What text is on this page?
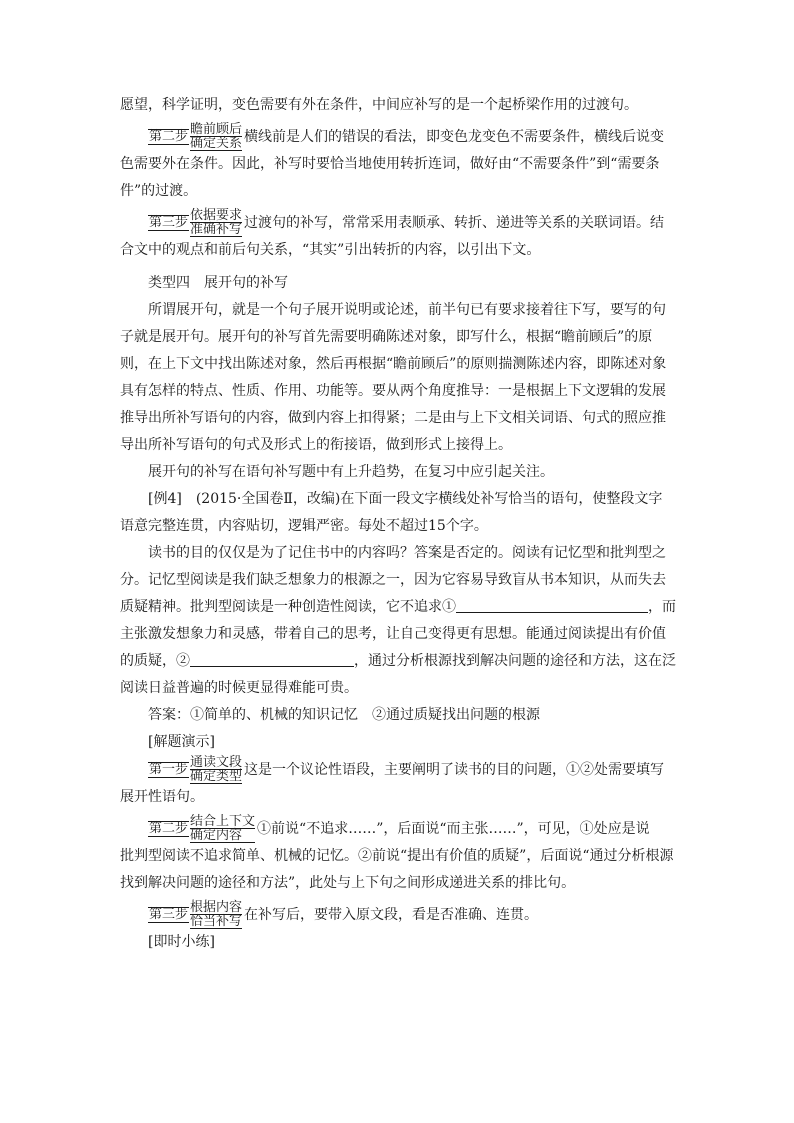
愿望，科学证明，变色需要有外在条件，中间应补写的是一个起桥梁作用的过渡句。

第二步 瞻前顾后
确定关系 横线前是人们的错误的看法，即变色龙变色不需要条件，横线后说变

色需要外在条件。因此，补写时要恰当地使用转折连词，做好由“不需要条件”到“需要条件”的过渡。

第三步 依据要求
准确补写 过渡句的补写，常常采用表顺承、转折、递进等关系的关联词语。结

合文中的观点和前后句关系，“其实”引出转折的内容，以引出下文。

类型四　展开句的补写

所谓展开句，就是一个句子展开说明或论述，前半句已有要求接着往下写，要写的句子就是展开句。展开句的补写首先需要明确陈述对象，即写什么，根据“瞻前顾后”的原则，在上下文中找出陈述对象，然后再根据“瞻前顾后”的原则揣测陈述内容，即陈述对象具有怎样的特点、性质、作用、功能等。要从两个角度推导：一是根据上下文逻辑的发展推导出所补写语句的内容，做到内容上扣得紧；二是由与上下文相关词语、句式的照应推导出所补写语句的句式及形式上的衔接语，做到形式上接得上。

展开句的补写在语句补写题中有上升趋势，在复习中应引起关注。

[例4]　(2015·全国卷Ⅱ，改编)在下面一段文字横线处补写恰当的语句，使整段文字语意完整连贯，内容贴切，逻辑严密。每处不超过15个字。

读书的目的仅仅是为了记住书中的内容吗？答案是否定的。阅读有记忆型和批判型之分。记忆型阅读是我们缺乏想象力的根源之一，因为它容易导致盲从书本知识，从而失去质疑精神。批判型阅读是一种创造性阅读，它不追求①	，而主张激发想象力和灵感，带着自己的思考，让自己变得更有思想。能通过阅读提出有价值的质疑，②	，通过分析根源找到解决问题的途径和方法，这在泛阅读日益普遍的时候更显得难能可贵。

答案：①简单的、机械的知识记忆　②通过质疑找出问题的根源

[解题演示]

第一步 通读文段
确定类型 这是一个议论性语段，主要阐明了读书的目的问题，①②处需要填写

展开性语句。

第二步 结合上下文
确定内容	①前说“不追求……”，后面说“而主张……”，可见，①处应是说

批判型阅读不追求简单、机械的记忆。②前说“提出有价值的质疑”，后面说“通过分析根源找到解决问题的途径和方法”，此处与上下句之间形成递进关系的排比句。

第三步 根据内容
恰当补写 在补写后，要带入原文段，看是否准确、连贯。

[即时小练]
